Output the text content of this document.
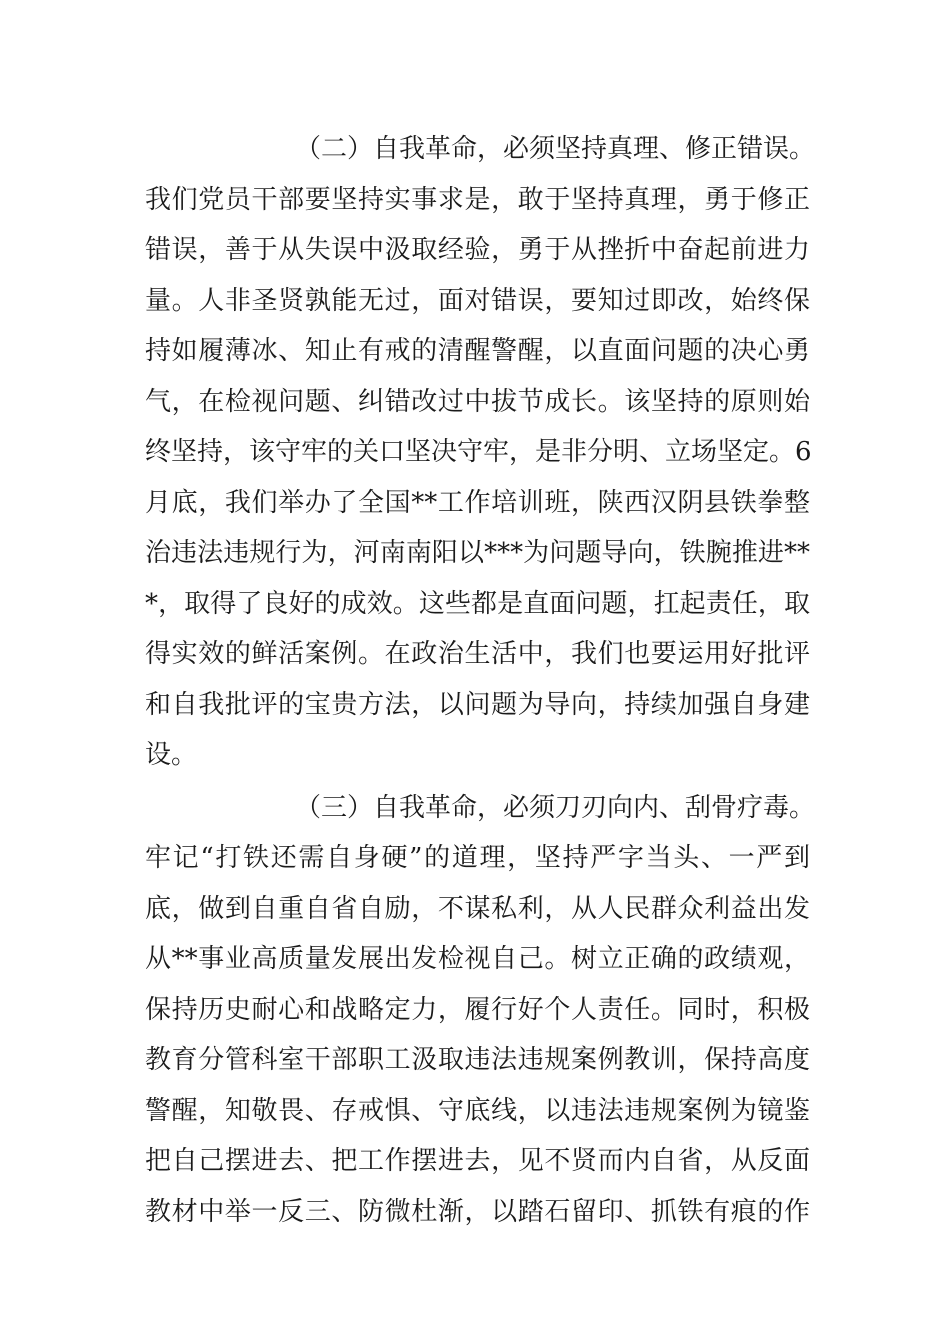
（二）自我革命，必须坚持真理、修正错误。
我们党员干部要坚持实事求是，敢于坚持真理，勇于修正
错误，善于从失误中汲取经验，勇于从挫折中奋起前进力
量。人非圣贤孰能无过，面对错误，要知过即改，始终保
持如履薄冰、知止有戒的清醒警醒，以直面问题的决心勇
气，在检视问题、纠错改过中拔节成长。该坚持的原则始
终坚持，该守牢的关口坚决守牢，是非分明、立场坚定。6
月底，我们举办了全国**工作培训班，陕西汉阴县铁拳整
治违法违规行为，河南南阳以***为问题导向，铁腕推进**
*，取得了良好的成效。这些都是直面问题，扛起责任，取
得实效的鲜活案例。在政治生活中，我们也要运用好批评
和自我批评的宝贵方法，以问题为导向，持续加强自身建
设。
（三）自我革命，必须刀刃向内、刮骨疗毒。
牢记“打铁还需自身硬”的道理，坚持严字当头、一严到
底，做到自重自省自励，不谋私利，从人民群众利益出发
从**事业高质量发展出发检视自己。树立正确的政绩观，
保持历史耐心和战略定力，履行好个人责任。同时，积极
教育分管科室干部职工汲取违法违规案例教训，保持高度
警醒，知敬畏、存戒惧、守底线，以违法违规案例为镜鉴
把自己摆进去、把工作摆进去，见不贤而内自省，从反面
教材中举一反三、防微杜渐，以踏石留印、抓铁有痕的作
